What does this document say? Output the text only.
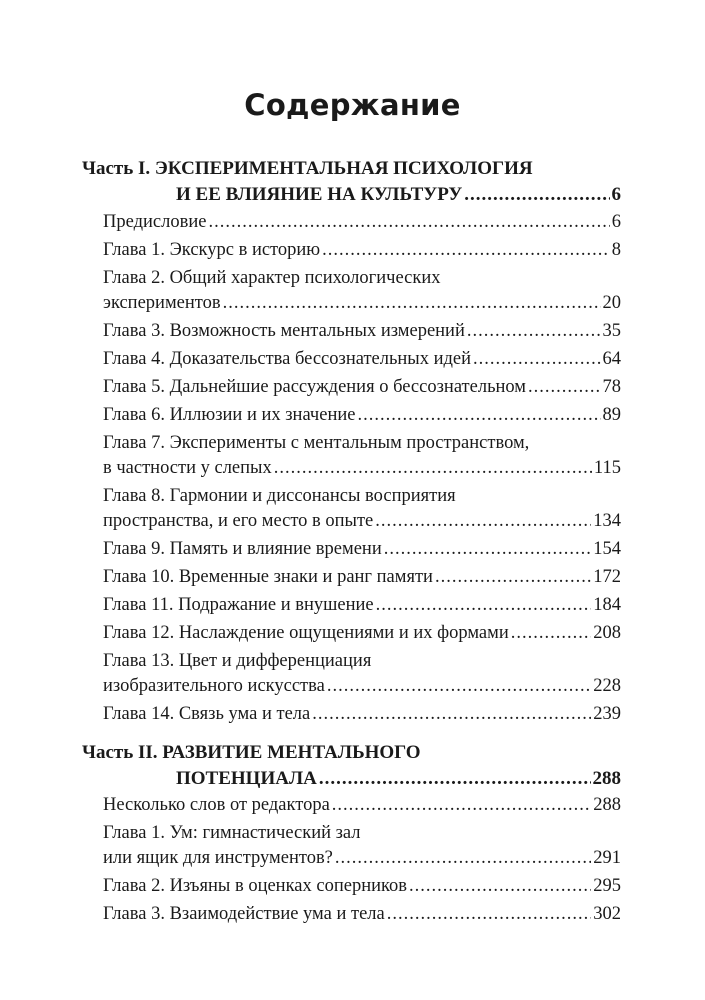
Содержание
Часть I. ЭКСПЕРИМЕНТАЛЬНАЯ ПСИХОЛОГИЯ
И ЕЕ ВЛИЯНИЕ НА КУЛЬТУРУ .....	6
Предисловие .....	6
Глава 1. Экскурс в историю .....	8
Глава 2. Общий характер психологических
экспериментов .....	20
Глава 3. Возможность ментальных измерений .....	35
Глава 4. Доказательства бессознательных идей .....	64
Глава 5. Дальнейшие рассуждения о бессознательном .....	78
Глава 6. Иллюзии и их значение .....	89
Глава 7. Эксперименты с ментальным пространством,
в частности у слепых .....	115
Глава 8. Гармонии и диссонансы восприятия
пространства, и его место в опыте .....	134
Глава 9. Память и влияние времени .....	154
Глава 10. Временные знаки и ранг памяти .....	172
Глава 11. Подражание и внушение .....	184
Глава 12. Наслаждение ощущениями и их формами .....	208
Глава 13. Цвет и дифференциация
изобразительного искусства .....	228
Глава 14. Связь ума и тела .....	239
Часть II. РАЗВИТИЕ МЕНТАЛЬНОГО
ПОТЕНЦИАЛА .....	288
Несколько слов от редактора .....	288
Глава 1. Ум: гимнастический зал
или ящик для инструментов? .....	291
Глава 2. Изъяны в оценках соперников .....	295
Глава 3. Взаимодействие ума и тела .....	302
